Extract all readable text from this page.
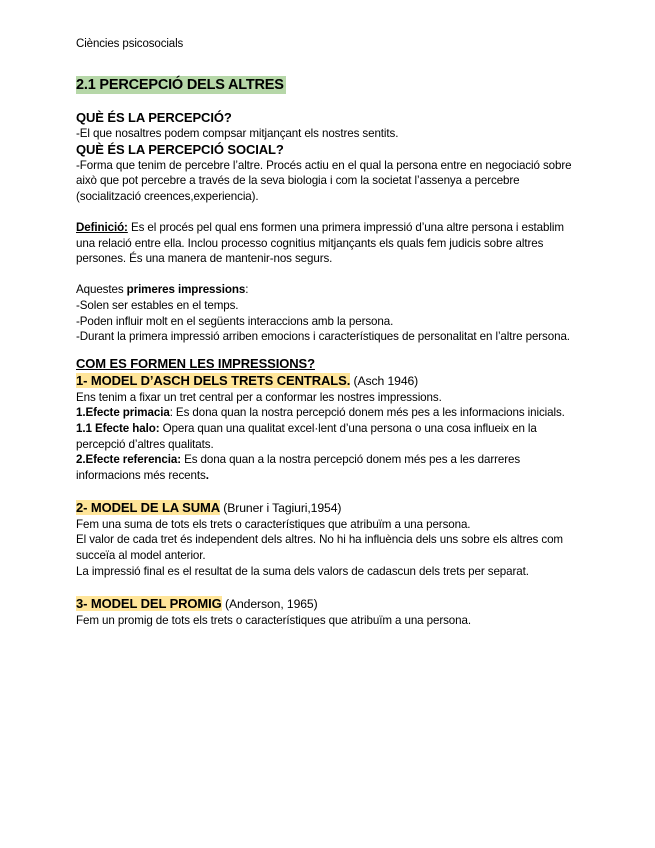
Ciències psicosocials
2.1 PERCEPCIÓ DELS ALTRES
QUÈ ÉS LA PERCEPCIÓ?

-El que nosaltres podem compsar mitjançant els nostres sentits.

QUÈ ÉS LA PERCEPCIÓ SOCIAL?

-Forma que tenim de percebre l’altre. Procés actiu en el qual la persona entre en negociació sobre això que pot percebre a través de la seva biologia i com la societat l’assenya a percebre (socialització creences,experiencia).

Definició: Es el procés pel qual ens formen una primera impressió d’una altre persona i establim una relació entre ella. Inclou processo cognitius mitjançants els quals fem judicis sobre altres persones. És una manera de mantenir-nos segurs.

Aquestes primeres impressions:

-Solen ser estables en el temps.

-Poden influir molt en el següents interaccions amb la persona.

-Durant la primera impressió arriben emocions i característiques de personalitat en l’altre persona.

COM ES FORMEN LES IMPRESSIONS?
1- MODEL D’ASCH DELS TRETS CENTRALS. (Asch 1946)

Ens tenim a fixar un tret central per a conformar les nostres impressions.

1.Efecte primacia: Es dona quan la nostra percepció donem més pes a les informacions inicials.

1.1 Efecte halo: Opera quan una qualitat excel·lent d’una persona o una cosa influeix en la percepció d’altres qualitats.

2.Efecte referencia: Es dona quan a la nostra percepció donem més pes a les darreres informacions més recents.

2- MODEL DE LA SUMA (Bruner i Tagiuri,1954)

Fem una suma de tots els trets o característiques que atribuïm a una persona.

El valor de cada tret és independent dels altres. No hi ha influència dels uns sobre els altres com succeïa al model anterior.

La impressió final es el resultat de la suma dels valors de cadascun dels trets per separat.

3- MODEL DEL PROMIG (Anderson, 1965)

Fem un promig de tots els trets o característiques que atribuïm a una persona.
